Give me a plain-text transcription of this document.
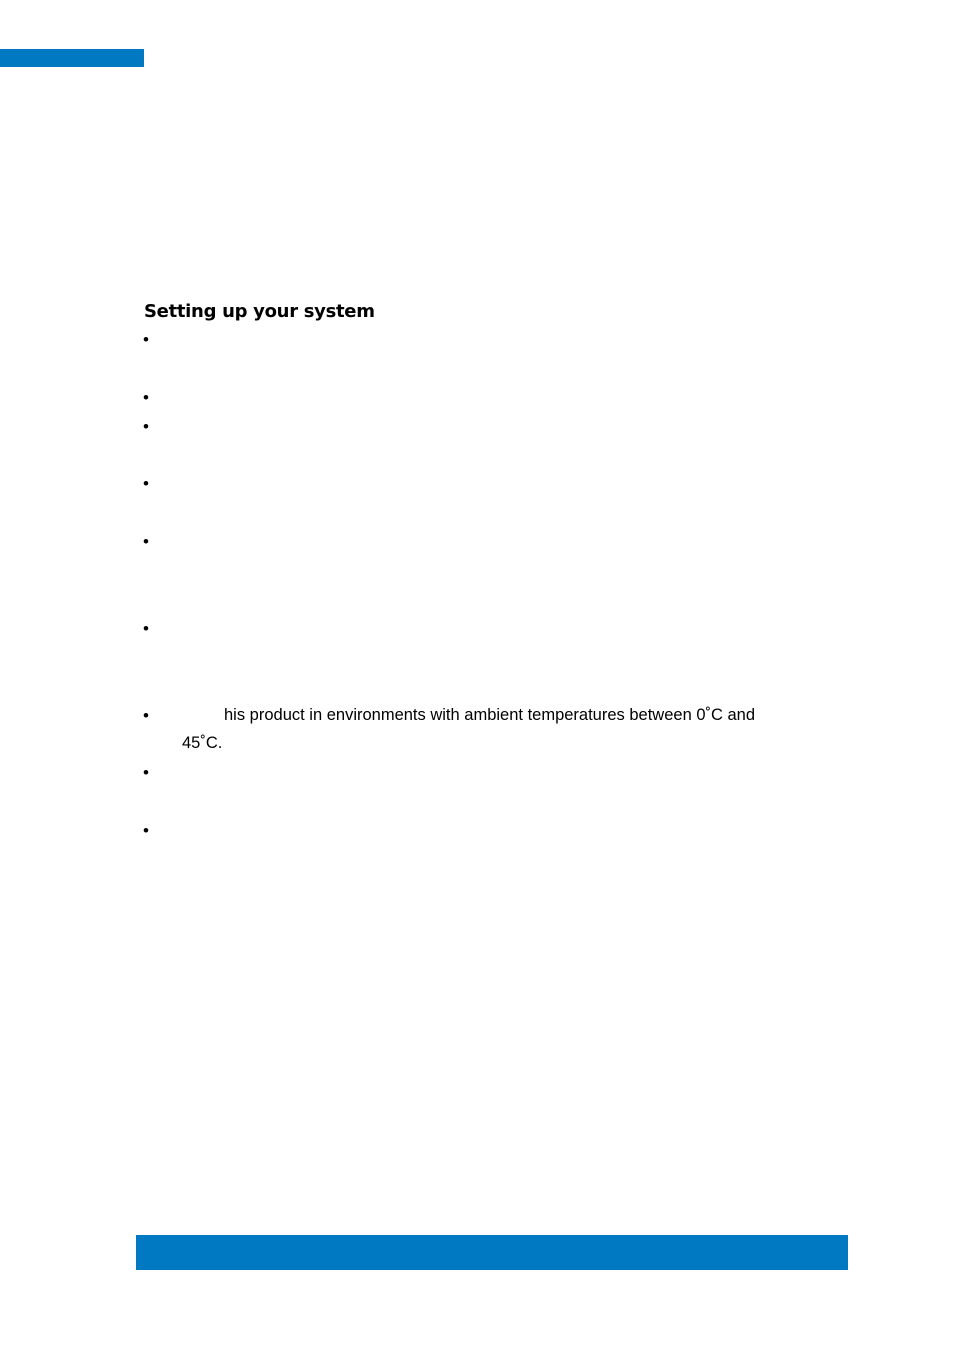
Setting up your system
•
•
•
•
•
•
•
•
•
his product in environments with ambient temperatures between 0˚C and
45˚C.
